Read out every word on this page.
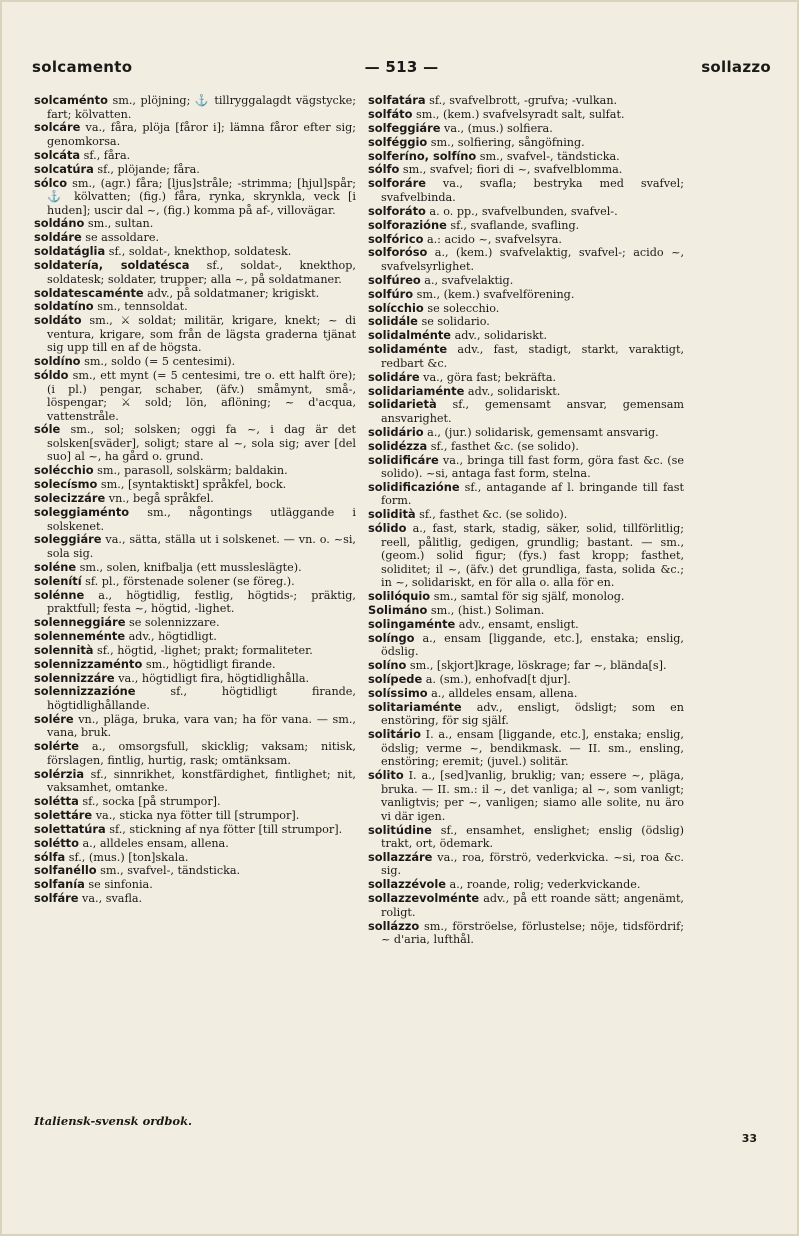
solcamento	— 513 —	sollazzo
solcaménto sm., plöjning; ⚓ tillryggalagdt vägstycke; fart; kölvatten.
solcáre va., fåra, plöja [fåror i]; lämna fåror efter sig; genomkorsa.
solcáta sf., fåra.
solcatúra sf., plöjande; fåra.
sólco sm., (agr.) fåra; [ljus]stråle; -strimma; [hjul]spår; ⚓ kölvatten; (fig.) fåra, rynka, skrynkla, veck [i huden]; uscir dal ~, (fig.) komma på af-, villovägar.
soldáno sm., sultan.
soldáre se assoldare.
soldatáglia sf., soldat-, knekthop, soldatesk.
soldatería, soldatésca sf., soldat-, knekthop, soldatesk; soldater, trupper; alla ~, på soldatmaner.
soldatescaménte adv., på soldatmaner; krigiskt.
soldatíno sm., tennsoldat.
soldáto sm., ⚔ soldat; militär, krigare, knekt; ~ di ventura, krigare, som från de lägsta graderna tjänat sig upp till en af de högsta.
soldíno sm., soldo (= 5 centesimi).
sóldo sm., ett mynt (= 5 centesimi, tre o. ett halft öre); (i pl.) pengar, schaber, (äfv.) småmynt, små-, löspengar; ⚔ sold; lön, aflöning; ~ d'acqua, vattenstråle.
sóle sm., sol; solsken; oggi fa ~, i dag är det solsken[sväder], soligt; stare al ~, sola sig; aver [del suo] al ~, ha gård o. grund.
solécchio sm., parasoll, solskärm; baldakin.
solecísmo sm., [syntaktiskt] språkfel, bock.
solecizzáre vn., begå språkfel.
soleggiaménto sm., någontings utläggande i solskenet.
soleggiáre va., sätta, ställa ut i solskenet. — vn. o. ~si, sola sig.
soléne sm., solen, knifbalja (ett mussleslägte).
solenítí sf. pl., förstenade solener (se föreg.).
solénne a., högtidlig, festlig, högtids-; präktig, praktfull; festa ~, högtid, -lighet.
solenneggiáre se solennizzare.
solenneménte adv., högtidligt.
solennità sf., högtid, -lighet; prakt; formaliteter.
solennizzaménto sm., högtidligt firande.
solennizzáre va., högtidligt fira, högtidlighålla.
solennizzazióne sf., högtidligt firande, högtidlighållande.
solére vn., pläga, bruka, vara van; ha för vana. — sm., vana, bruk.
solérte a., omsorgsfull, skicklig; vaksam; nitisk, förslagen, fintlig, hurtig, rask; omtänksam.
solérzia sf., sinnrikhet, konstfärdighet, fintlighet; nit, vaksamhet, omtanke.
solétta sf., socka [på strumpor].
solettáre va., sticka nya fötter till [strumpor].
solettatúra sf., stickning af nya fötter [till strumpor].
solétto a., alldeles ensam, allena.
sólfa sf., (mus.) [ton]skala.
solfanéllo sm., svafvel-, tändsticka.
solfanía se sinfonia.
solfáre va., svafla.
solfatára sf., svafvelbrott, -grufva; -vulkan.
solfáto sm., (kem.) svafvelsyradt salt, sulfat.
solfeggiáre va., (mus.) solfiera.
solféggio sm., solfiering, sångöfning.
solferíno, solfíno sm., svafvel-, tändsticka.
sólfo sm., svafvel; fiori di ~, svafvelblomma.
solforáre va., svafla; bestryka med svafvel; svafvelbinda.
solforáto a. o. pp., svafvelbunden, svafvel-.
solforazióne sf., svaflande, svafling.
solfórico a.: acido ~, svafvelsyra.
solforóso a., (kem.) svafvelaktig, svafvel-; acido ~, svafvelsyrlighet.
solfúreo a., svafvelaktig.
solfúro sm., (kem.) svafvelförening.
solícchio se solecchio.
solidále se solidario.
solidalménte adv., solidariskt.
solidaménte adv., fast, stadigt, starkt, varaktigt, redbart &c.
solidáre va., göra fast; bekräfta.
solidariaménte adv., solidariskt.
solidarietà sf., gemensamt ansvar, gemensam ansvarighet.
solidário a., (jur.) solidarisk, gemensamt ansvarig.
solidézza sf., fasthet &c. (se solido).
solidificáre va., bringa till fast form, göra fast &c. (se solido). ~si, antaga fast form, stelna.
solidificazióne sf., antagande af l. bringande till fast form.
solidità sf., fasthet &c. (se solido).
sólido a., fast, stark, stadig, säker, solid, tillförlitlig; reell, pålitlig, gedigen, grundlig; bastant. — sm., (geom.) solid figur; (fys.) fast kropp; fasthet, soliditet; il ~, (äfv.) det grundliga, fasta, solida &c.; in ~, solidariskt, en för alla o. alla för en.
solilóquio sm., samtal för sig själf, monolog.
Solimáno sm., (hist.) Soliman.
solingaménte adv., ensamt, ensligt.
solíngo a., ensam [liggande, etc.], enstaka; enslig, ödslig.
solíno sm., [skjort]krage, löskrage; far ~, blända[s].
solípede a. (sm.), enhofvad[t djur].
solíssimo a., alldeles ensam, allena.
solitariaménte adv., ensligt, ödsligt; som en enstöring, för sig själf.
solitário I. a., ensam [liggande, etc.], enstaka; enslig, ödslig; verme ~, bendikmask. — II. sm., ensling, enstöring; eremit; (juvel.) solitär.
sólito I. a., [sed]vanlig, bruklig; van; essere ~, pläga, bruka. — II. sm.: il ~, det vanliga; al ~, som vanligt; vanligtvis; per ~, vanligen; siamo alle solite, nu äro vi där igen.
solitúdine sf., ensamhet, enslighet; enslig (ödslig) trakt, ort, ödemark.
sollazzáre va., roa, förströ, vederkvicka. ~si, roa &c. sig.
sollazzévole a., roande, rolig; vederkvickande.
sollazzevolménte adv., på ett roande sätt; angenämt, roligt.
sollázzo sm., förströelse, förlustelse; nöje, tidsfördrif; ~ d'aria, lufthål.
Italiensk-svensk ordbok.
33
